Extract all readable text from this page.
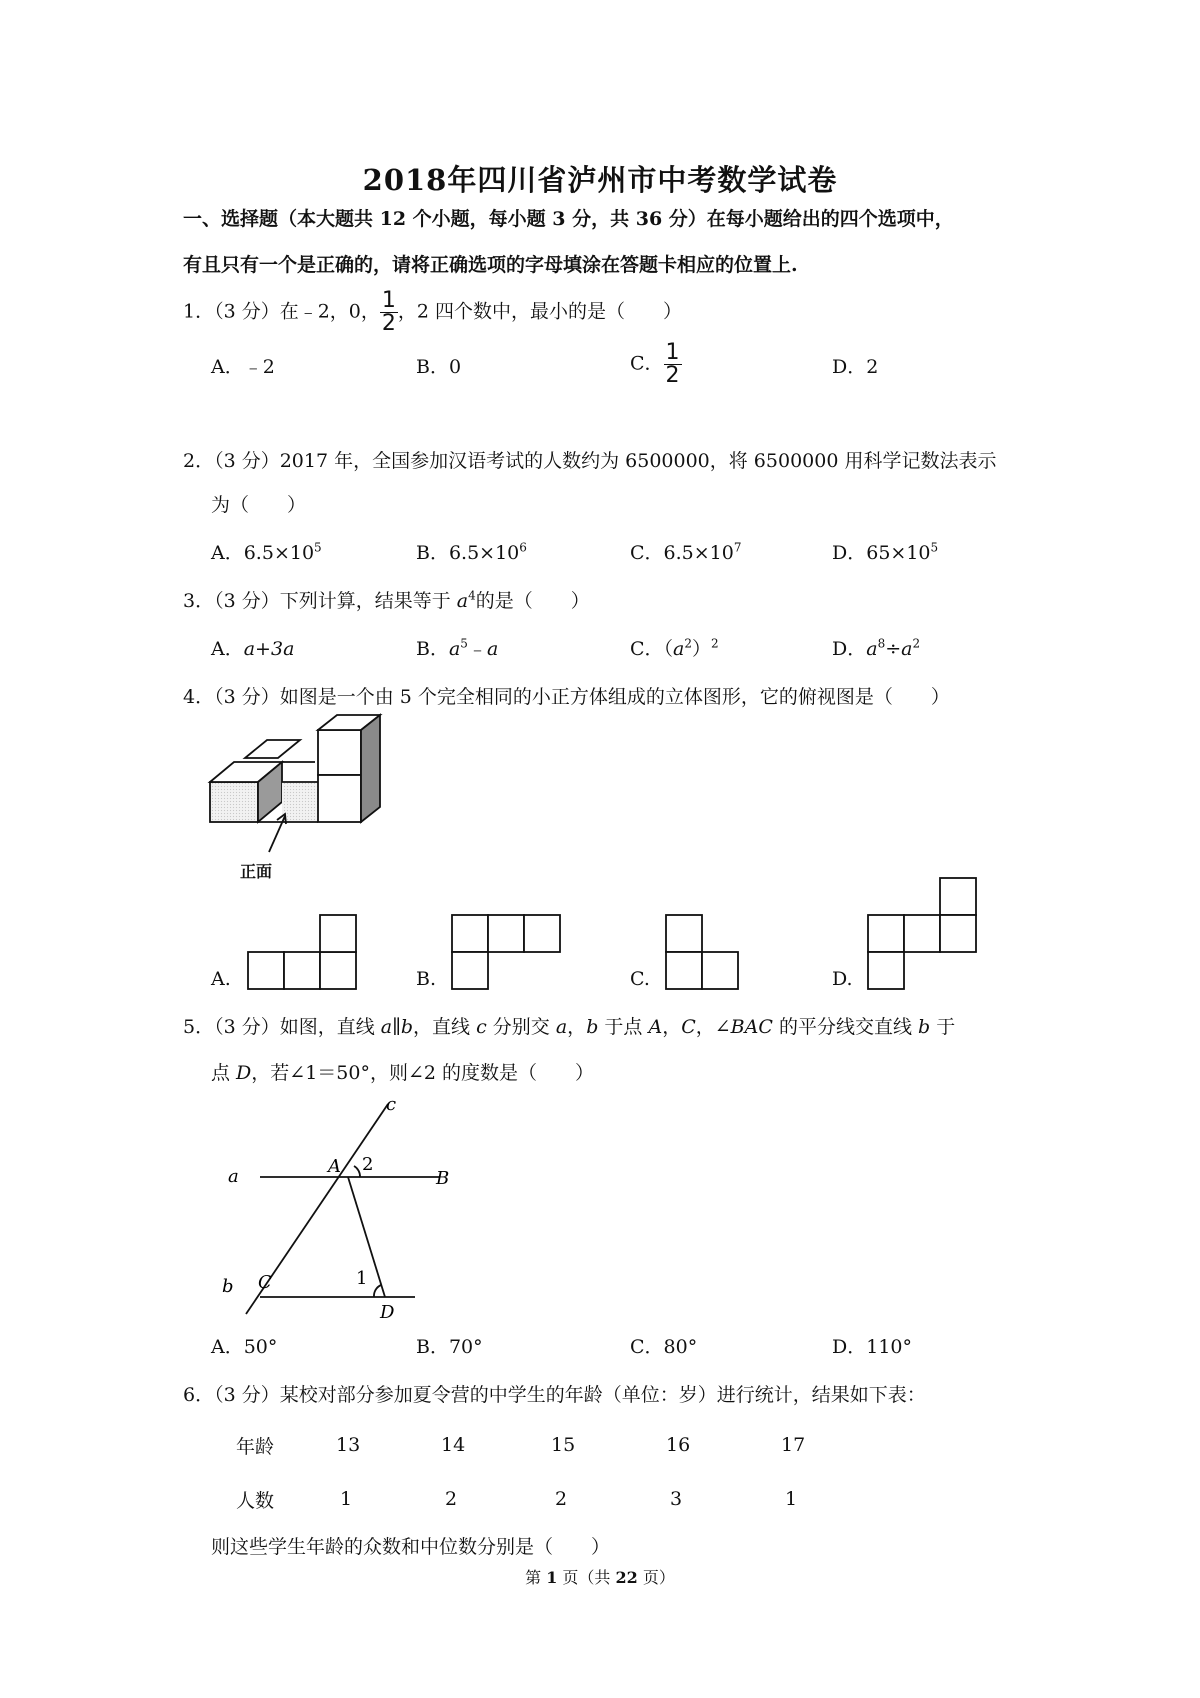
2018年四川省泸州市中考数学试卷
一、选择题（本大题共 12 个小题，每小题 3 分，共 36 分）在每小题给出的四个选项中，
有且只有一个是正确的，请将正确选项的字母填涂在答题卡相应的位置上.
1．（3 分）在﹣2，0， $\frac{1}{2}$ ，2 四个数中，最小的是（　　）
A．﹣2	B．0	C． $\frac{1}{2}$	D．2
2．（3 分）2017 年，全国参加汉语考试的人数约为 6500000，将 6500000 用科学记数法表示
为（　　）
A．$6.5\times 10^5$	B．$6.5\times 10^6$	C．$6.5\times 10^7$	D．$65\times 10^5$
3．（3 分）下列计算，结果等于 $a^4$的是（　　）
A．a+3a	B．$a^5﹣a$	C．$(a^2)^2$	D．$a^8\div a^2$
4．（3 分）如图是一个由 5 个完全相同的小正方体组成的立体图形，它的俯视图是（　　）
正面
A.	B.	C.	D.
5．（3 分）如图，直线 a∥b，直线 c 分别交 a，b 于点 A，C，∠BAC 的平分线交直线 b 于
点 D，若∠1＝50°，则∠2 的度数是（　　）
c
a	A 2
B
b C	1
D
A．50°	B．70°	C．80°	D．110°
6．（3 分）某校对部分参加夏令营的中学生的年龄（单位：岁）进行统计，结果如下表：
年龄	13	14	15	16	17
人数	1	2	2	3	1
则这些学生年龄的众数和中位数分别是（　　）
第 1 页（共 22 页）
